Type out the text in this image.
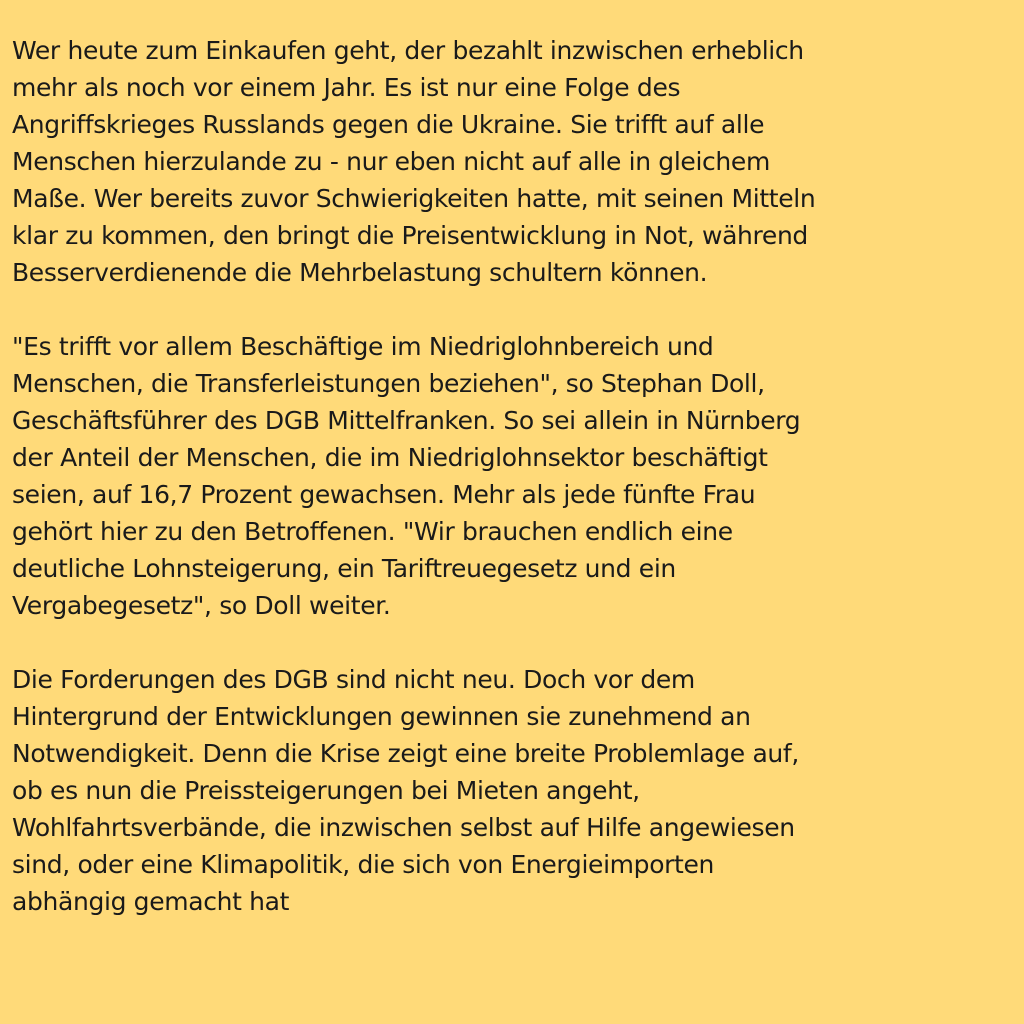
Wer heute zum Einkaufen geht, der bezahlt inzwischen erheblich
mehr als noch vor einem Jahr. Es ist nur eine Folge des
Angriffskrieges Russlands gegen die Ukraine. Sie trifft auf alle
Menschen hierzulande zu - nur eben nicht auf alle in gleichem
Maße. Wer bereits zuvor Schwierigkeiten hatte, mit seinen Mitteln
klar zu kommen, den bringt die Preisentwicklung in Not, während
Besserverdienende die Mehrbelastung schultern können.

"Es trifft vor allem Beschäftige im Niedriglohnbereich und
Menschen, die Transferleistungen beziehen", so Stephan Doll,
Geschäftsführer des DGB Mittelfranken. So sei allein in Nürnberg
der Anteil der Menschen, die im Niedriglohnsektor beschäftigt
seien, auf 16,7 Prozent gewachsen. Mehr als jede fünfte Frau
gehört hier zu den Betroffenen. "Wir brauchen endlich eine
deutliche Lohnsteigerung, ein Tariftreuegesetz und ein
Vergabegesetz", so Doll weiter.

Die Forderungen des DGB sind nicht neu. Doch vor dem
Hintergrund der Entwicklungen gewinnen sie zunehmend an
Notwendigkeit. Denn die Krise zeigt eine breite Problemlage auf,
ob es nun die Preissteigerungen bei Mieten angeht,
Wohlfahrtsverbände, die inzwischen selbst auf Hilfe angewiesen
sind, oder eine Klimapolitik, die sich von Energieimporten
abhängig gemacht hat
